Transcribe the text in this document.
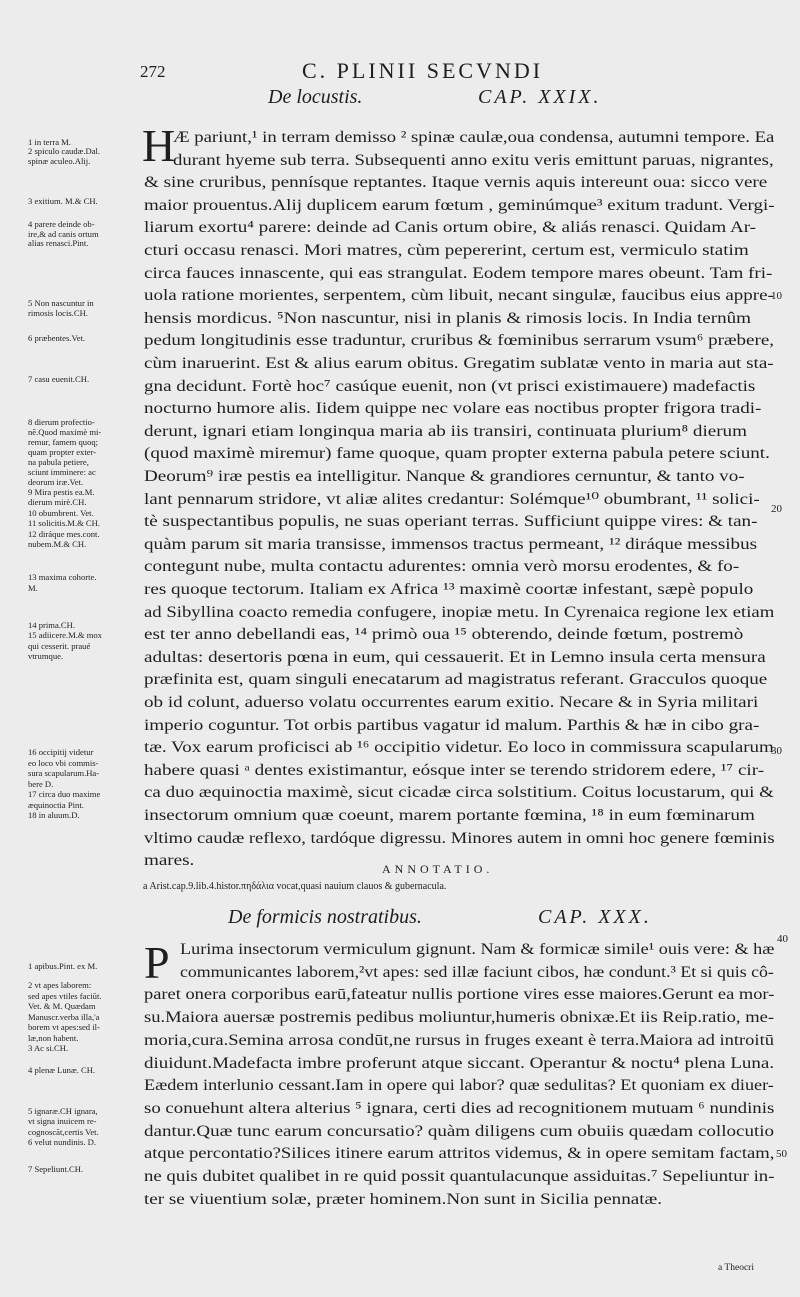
272	C. PLINII SECVNDI
De locustis.	CAP. XXIX.
H
Æ pariunt,¹ in terram demisso ² spinæ caulæ,oua condensa, autumni tempore. Ea
durant hyeme sub terra. Subsequenti anno exitu veris emittunt paruas, nigrantes,
& sine cruribus, pennísque reptantes. Itaque vernis aquis intereunt oua: sicco vere
maior prouentus.Alij duplicem earum fœtum , geminúmque³ exitum tradunt. Vergi-
liarum exortu⁴ parere: deinde ad Canis ortum obire, & aliás renasci. Quidam Ar-
cturi occasu renasci. Mori matres, cùm pepererint, certum est, vermiculo statim
circa fauces innascente, qui eas strangulat. Eodem tempore mares obeunt. Tam fri-
uola ratione morientes, serpentem, cùm libuit, necant singulæ, faucibus eius appre-
hensis mordicus. ⁵Non nascuntur, nisi in planis & rimosis locis. In India ternûm
pedum longitudinis esse traduntur, cruribus & fœminibus serrarum vsum⁶ præbere,
cùm inaruerint. Est & alius earum obitus. Gregatim sublatæ vento in maria aut sta-
gna decidunt. Fortè hoc⁷ casúque euenit, non (vt prisci existimauere) madefactis
nocturno humore alis. Iidem quippe nec volare eas noctibus propter frigora tradi-
derunt, ignari etiam longinqua maria ab iis transiri, continuata plurium⁸ dierum
(quod maximè miremur) fame quoque, quam propter externa pabula petere sciunt.
Deorum⁹ iræ pestis ea intelligitur. Nanque & grandiores cernuntur, & tanto vo-
lant pennarum stridore, vt aliæ alites credantur: Solémque¹⁰ obumbrant, ¹¹ solici-
tè suspectantibus populis, ne suas operiant terras. Sufficiunt quippe vires: & tan-
quàm parum sit maria transisse, immensos tractus permeant, ¹² diráque messibus
contegunt nube, multa contactu adurentes: omnia verò morsu erodentes, & fo-
res quoque tectorum. Italiam ex Africa ¹³ maximè coortæ infestant, sæpè populo
ad Sibyllina coacto remedia confugere, inopiæ metu. In Cyrenaica regione lex etiam
est ter anno debellandi eas, ¹⁴ primò oua ¹⁵ obterendo, deinde fœtum, postremò
adultas: desertoris pœna in eum, qui cessauerit. Et in Lemno insula certa mensura
præfinita est, quam singuli enecatarum ad magistratus referant. Gracculos quoque
ob id colunt, aduerso volatu occurrentes earum exitio. Necare & in Syria militari
imperio coguntur. Tot orbis partibus vagatur id malum. Parthis & hæ in cibo gra-
tæ. Vox earum proficisci ab ¹⁶ occipitio videtur. Eo loco in commissura scapularum
habere quasi ᵃ dentes existimantur, eósque inter se terendo stridorem edere, ¹⁷ cir-
ca duo æquinoctia maximè, sicut cicadæ circa solstitium. Coitus locustarum, qui &
insectorum omnium quæ coeunt, marem portante fœmina, ¹⁸ in eum fœminarum
vltimo caudæ reflexo, tardóque digressu. Minores autem in omni hoc genere fœminis
mares.	ANNOTATIO.
a Arist.cap.9.lib.4.histor.πηδάλια vocat,quasi nauium clauos & gubernacula.
De formicis nostratibus.	CAP. XXX.
P Lurima insectorum vermiculum gignunt. Nam & formicæ simile¹ ouis vere: & hæ
communicantes laborem,²vt apes: sed illæ faciunt cibos, hæ condunt.³ Et si quis cô-
paret onera corporibus earū,fateatur nullis portione vires esse maiores.Gerunt ea mor-
su.Maiora auersæ postremis pedibus moliuntur,humeris obnixæ.Et iis Reip.ratio, me-
moria,cura.Semina arrosa condūt,ne rursus in fruges exeant è terra.Maiora ad introitū
diuidunt.Madefacta imbre proferunt atque siccant. Operantur & noctu⁴ plena Luna.
Eædem interlunio cessant.Iam in opere qui labor? quæ sedulitas? Et quoniam ex diuer-
so conuehunt altera alterius ⁵ ignara, certi dies ad recognitionem mutuam ⁶ nundinis
dantur.Quæ tunc earum concursatio? quàm diligens cum obuiis quædam collocutio
atque percontatio?Silices itinere earum attritos videmus, & in opere semitam factam,
ne quis dubitet qualibet in re quid possit quantulacunque assiduitas.⁷ Sepeliuntur in-
ter se viuentium solæ, præter hominem.Non sunt in Sicilia pennatæ.
1 in terra M.
2 spiculo caudæ.Dal.
spinæ aculeo.Alij.
3 exitium. M.& CH.
4 parere deinde ob-
ire,& ad canis ortum
alias renasci.Pint.
5 Non nascuntur in
rimosis locis.CH.
6 præbentes.Vet.
7 casu euenit.CH.
8 dierum profectio-
nē.Quod maximè mi-
remur, famem quoq;
quam propter exter-
na pabula petiere,
sciunt imminere: ac
deorum iræ.Vet.
9 Mira pestis ea.M.
dierum mirè.CH.
10 obumbrent. Vet.
11 solicitis.M.& CH.
12 diráque mes.cont.
nubem.M.& CH.
13 maxima cohorte.
M.
14 prima.CH.
15 adiicere.M.& mox
qui cesserit. praué
vtrumque.
16 occipitij videtur
eo loco vbi commis-
sura scapularum.Ha-
bere D.
17 circa duo maxime
æquinoctia Pint.
18 in aluum.D.
1 apibus.Pint. ex M.
2 vt apes laborem:
sed apes vtiles faciūt.
Vet. & M. Quædam
Manuscr.verba illa,'a
borem vt apes:sed il-
læ,non habent.
3 Ac si.CH.
4 plenæ Lunæ. CH.
5 ignaræ.CH ignara,
vt signa inuicem re-
cognoscāt,certis Vet.
6 velut nundinis. D.
7 Sepeliunt.CH.
10
20
30
40
50
a Theocri
